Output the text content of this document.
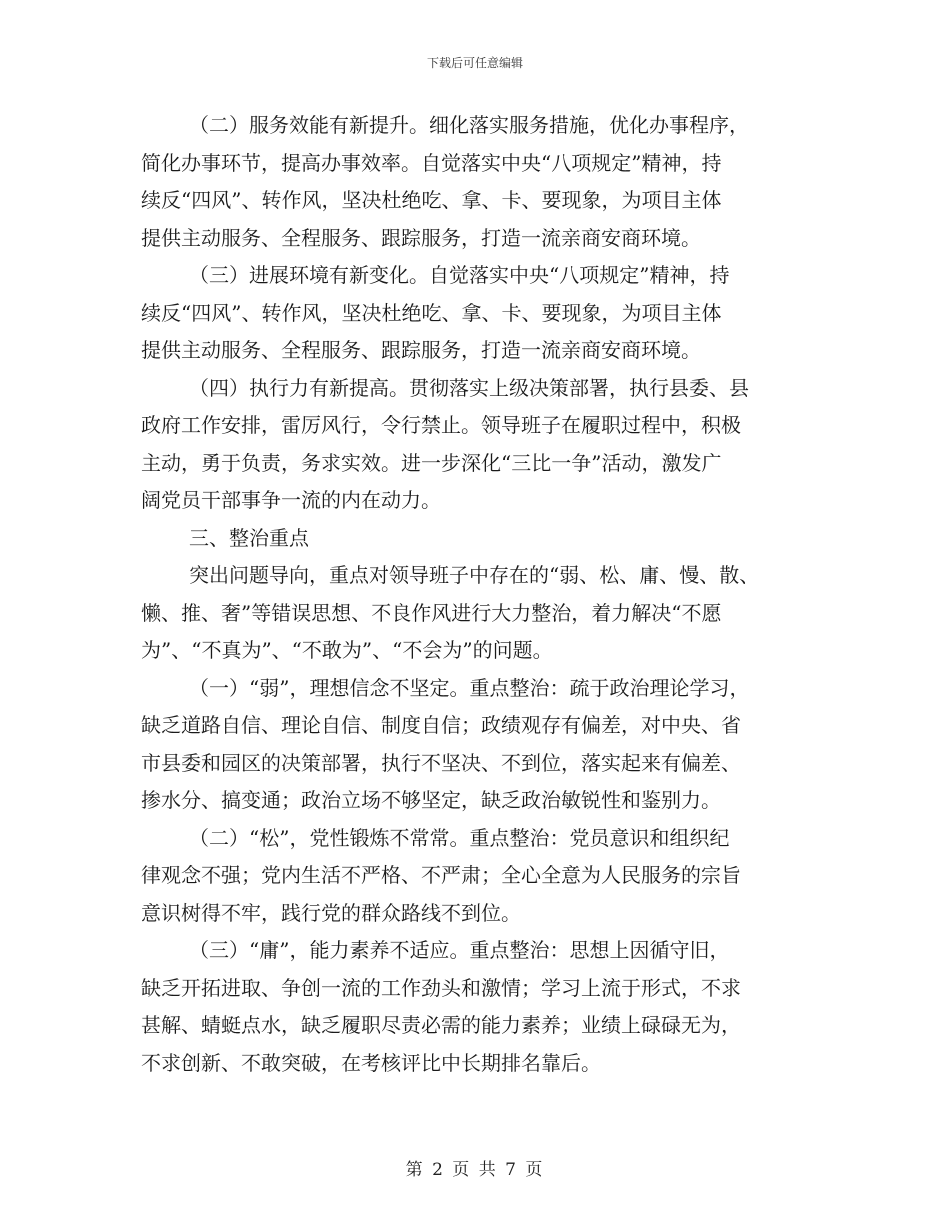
下载后可任意编辑
（二）服务效能有新提升。细化落实服务措施，优化办事程序，
简化办事环节，提高办事效率。自觉落实中央“八项规定”精神，持
续反“四风”、转作风，坚决杜绝吃、拿、卡、要现象，为项目主体
提供主动服务、全程服务、跟踪服务，打造一流亲商安商环境。
（三）进展环境有新变化。自觉落实中央“八项规定”精神，持
续反“四风”、转作风，坚决杜绝吃、拿、卡、要现象，为项目主体
提供主动服务、全程服务、跟踪服务，打造一流亲商安商环境。
（四）执行力有新提高。贯彻落实上级决策部署，执行县委、县
政府工作安排，雷厉风行，令行禁止。领导班子在履职过程中，积极
主动，勇于负责，务求实效。进一步深化“三比一争”活动，激发广
阔党员干部事争一流的内在动力。
三、整治重点
突出问题导向，重点对领导班子中存在的“弱、松、庸、慢、散、
懒、推、奢”等错误思想、不良作风进行大力整治，着力解决“不愿
为”、“不真为”、“不敢为”、“不会为”的问题。
（一）“弱”，理想信念不坚定。重点整治：疏于政治理论学习，
缺乏道路自信、理论自信、制度自信；政绩观存有偏差，对中央、省
市县委和园区的决策部署，执行不坚决、不到位，落实起来有偏差、
掺水分、搞变通；政治立场不够坚定，缺乏政治敏锐性和鉴别力。
（二）“松”，党性锻炼不常常。重点整治：党员意识和组织纪
律观念不强；党内生活不严格、不严肃；全心全意为人民服务的宗旨
意识树得不牢，践行党的群众路线不到位。
（三）“庸”，能力素养不适应。重点整治：思想上因循守旧，
缺乏开拓进取、争创一流的工作劲头和激情；学习上流于形式，不求
甚解、蜻蜓点水，缺乏履职尽责必需的能力素养；业绩上碌碌无为，
不求创新、不敢突破，在考核评比中长期排名靠后。
第 2 页 共 7 页
